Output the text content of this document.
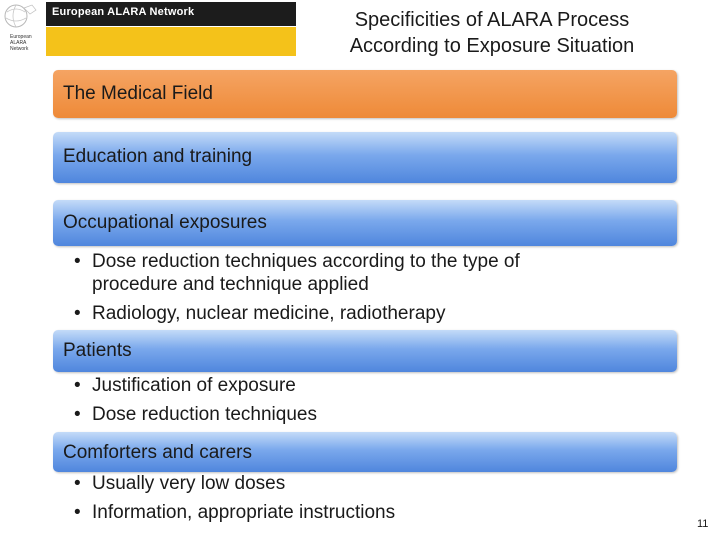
European ALARA Network
European
ALARA
Network
Specificities of ALARA Process
According to Exposure Situation
The Medical Field
Education and training
Occupational exposures
• Dose reduction techniques according to the type of
procedure and technique applied
• Radiology, nuclear medicine, radiotherapy
Patients
• Justification of exposure
• Dose reduction techniques
Comforters and carers
• Usually very low doses
• Information, appropriate instructions
11
